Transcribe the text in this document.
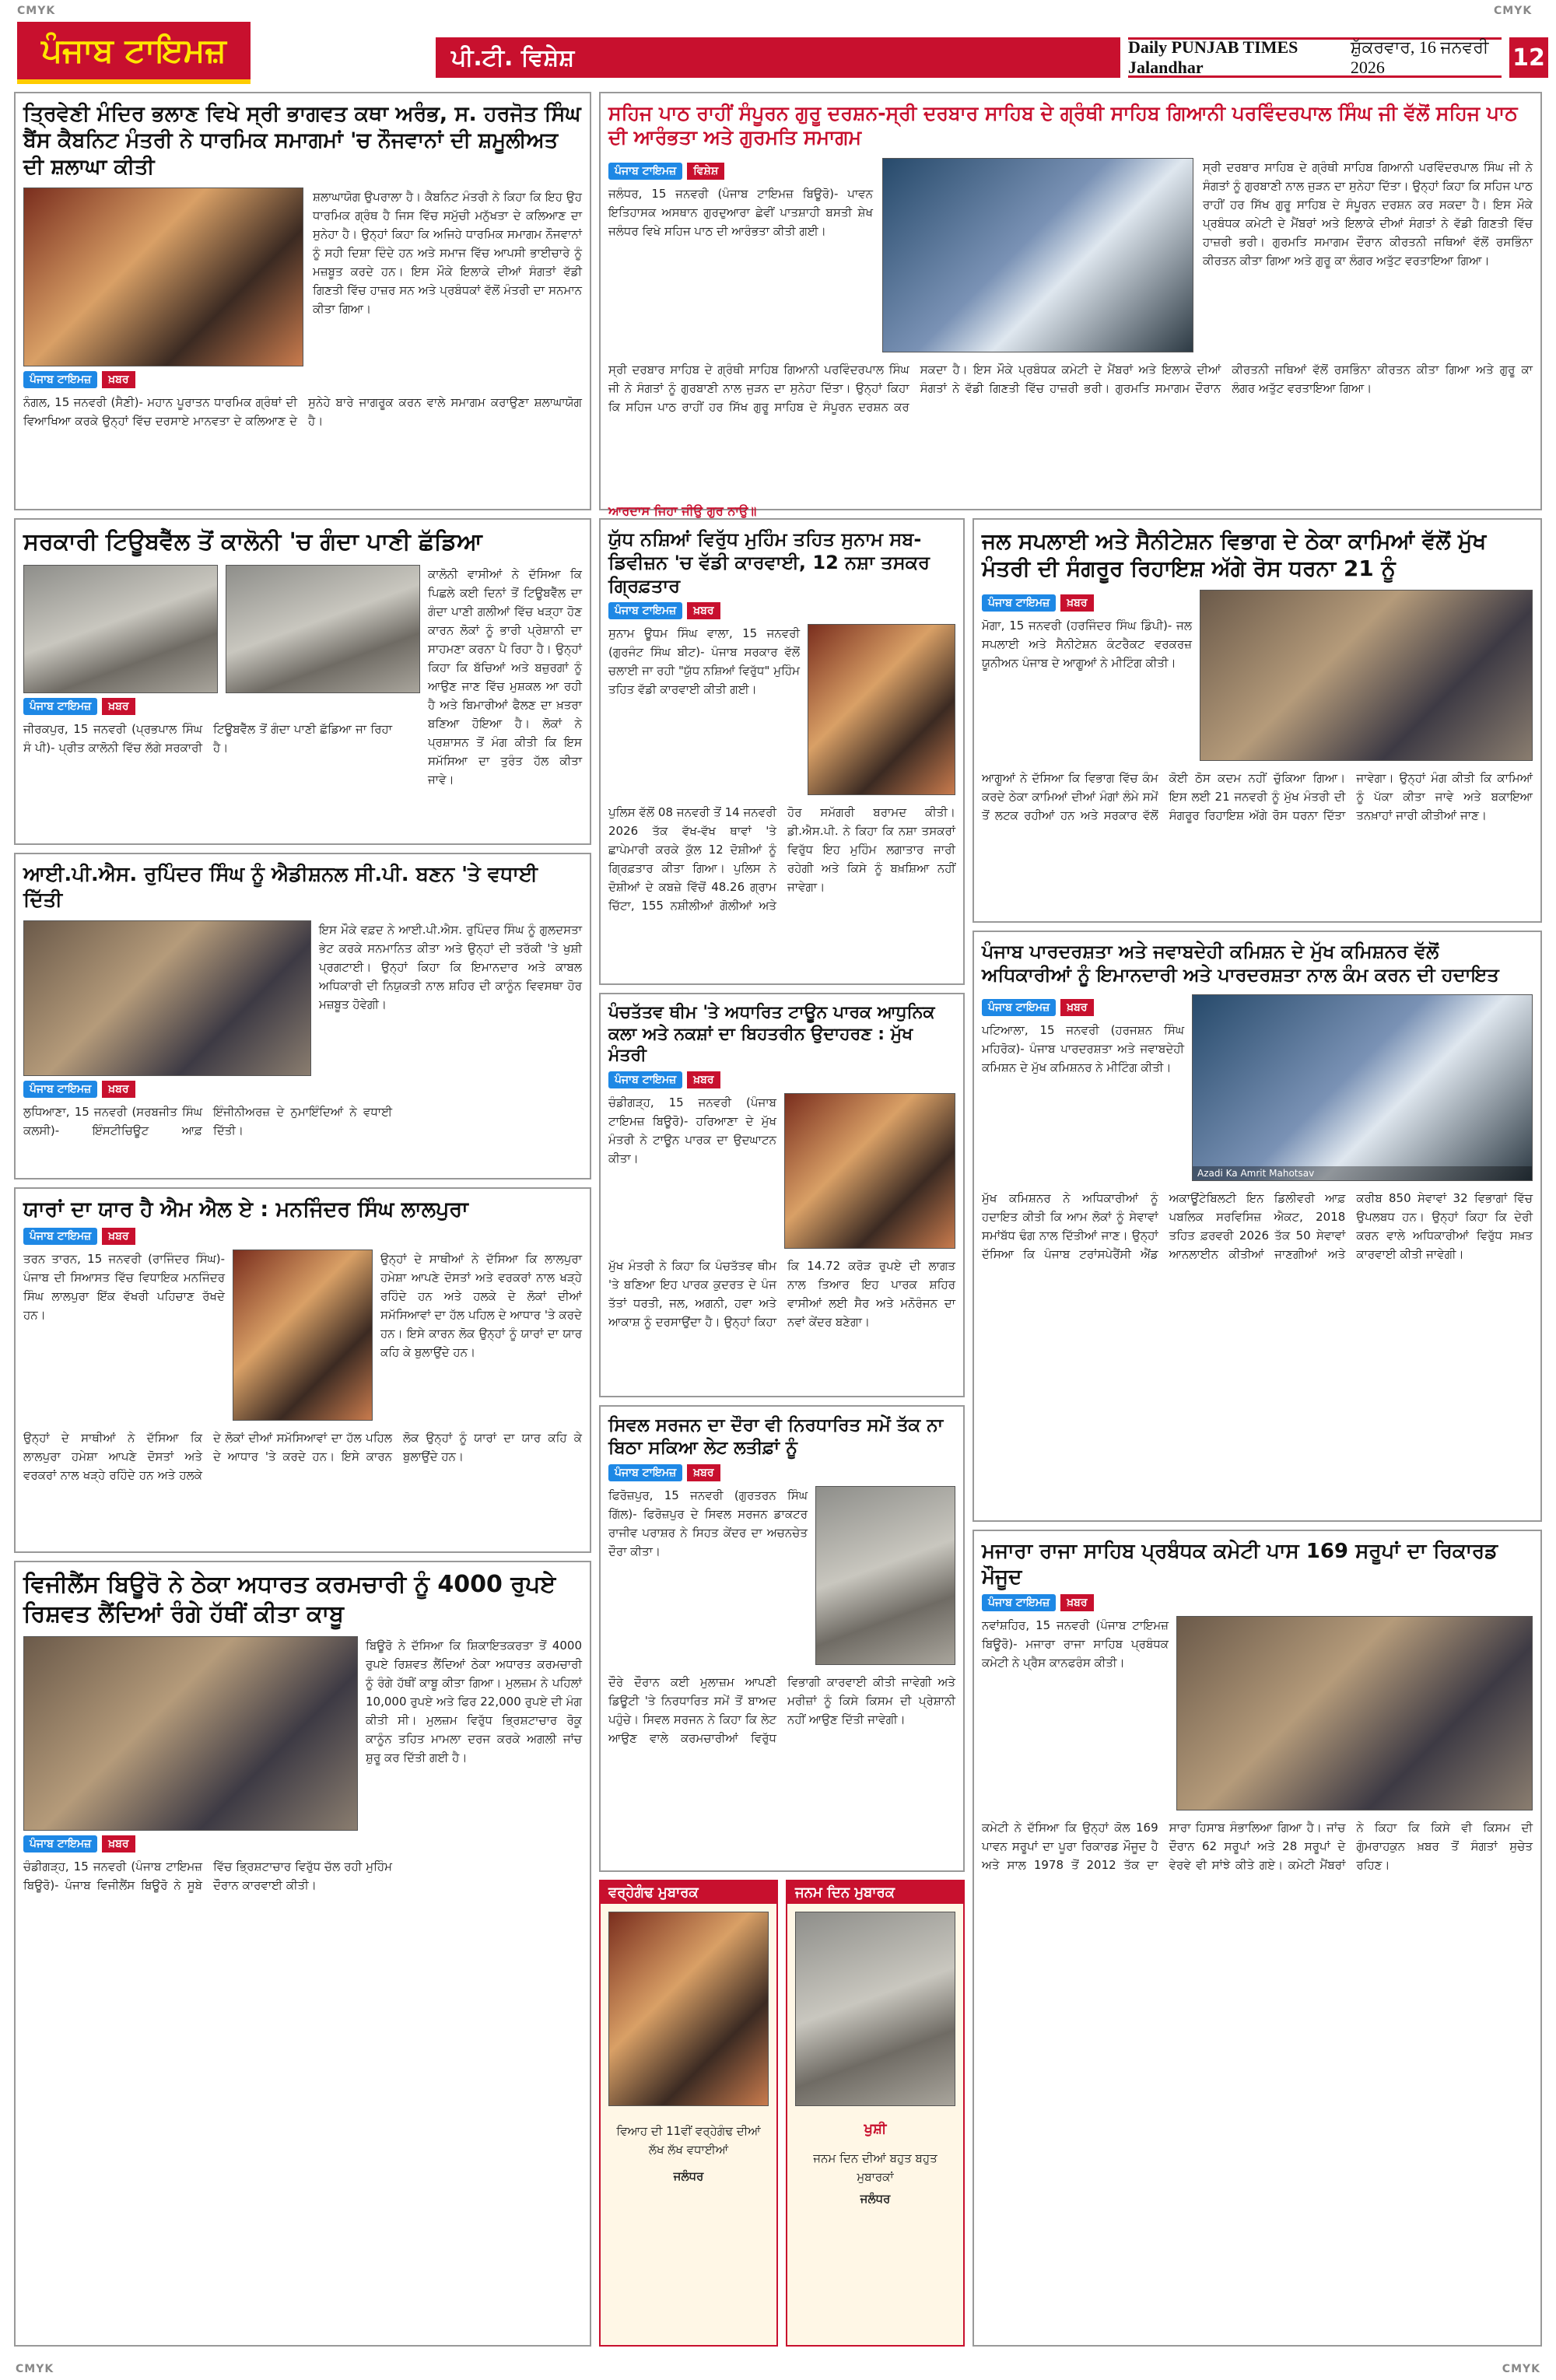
CMYK	CMYK
ਪੰਜਾਬ ਟਾਇਮਜ਼	ਪੀ.ਟੀ. ਵਿਸ਼ੇਸ਼	Daily PUNJAB TIMES Jalandhar
ਸ਼ੁੱਕਰਵਾਰ, 16 ਜਨਵਰੀ 2026	12
ਤ੍ਰਿਵੇਣੀ ਮੰਦਿਰ ਭਲਾਣ ਵਿਖੇ ਸ੍ਰੀ ਭਾਗਵਤ ਕਥਾ ਅਰੰਭ, ਸ. ਹਰਜੋਤ ਸਿੰਘ ਬੈਂਸ ਕੈਬਨਿਟ ਮੰਤਰੀ ਨੇ ਧਾਰਮਿਕ ਸਮਾਗਮਾਂ 'ਚ ਨੌਜਵਾਨਾਂ ਦੀ ਸ਼ਮੂਲੀਅਤ ਦੀ ਸ਼ਲਾਘਾ ਕੀਤੀ
ਸ਼ਲਾਘਾਯੋਗ ਉਪਰਾਲਾ ਹੈ। ਕੈਬਨਿਟ ਮੰਤਰੀ ਨੇ ਕਿਹਾ ਕਿ ਇਹ ਉਹ ਧਾਰਮਿਕ ਗ੍ਰੰਥ ਹੈ ਜਿਸ ਵਿੱਚ ਸਮੁੱਚੀ ਮਨੁੱਖਤਾ ਦੇ ਕਲਿਆਣ ਦਾ ਸੁਨੇਹਾ ਹੈ। ਉਨ੍ਹਾਂ ਕਿਹਾ ਕਿ ਅਜਿਹੇ ਧਾਰਮਿਕ ਸਮਾਗਮ ਨੌਜਵਾਨਾਂ ਨੂੰ ਸਹੀ ਦਿਸ਼ਾ ਦਿੰਦੇ ਹਨ ਅਤੇ ਸਮਾਜ ਵਿੱਚ ਆਪਸੀ ਭਾਈਚਾਰੇ ਨੂੰ ਮਜ਼ਬੂਤ ਕਰਦੇ ਹਨ। ਇਸ ਮੌਕੇ ਇਲਾਕੇ ਦੀਆਂ ਸੰਗਤਾਂ ਵੱਡੀ ਗਿਣਤੀ ਵਿੱਚ ਹਾਜ਼ਰ ਸਨ ਅਤੇ ਪ੍ਰਬੰਧਕਾਂ ਵੱਲੋਂ ਮੰਤਰੀ ਦਾ ਸਨਮਾਨ ਕੀਤਾ ਗਿਆ।
ਪੰਜਾਬ ਟਾਇਮਜ਼	ਖ਼ਬਰ
ਨੰਗਲ, 15 ਜਨਵਰੀ (ਸੈਣੀ)- ਮਹਾਨ ਪੂਰਾਤਨ ਧਾਰਮਿਕ ਗ੍ਰੰਥਾਂ ਦੀ ਵਿਆਖਿਆ ਕਰਕੇ ਉਨ੍ਹਾਂ ਵਿੱਚ ਦਰਸਾਏ ਮਾਨਵਤਾ ਦੇ ਕਲਿਆਣ ਦੇ ਸੁਨੇਹੇ ਬਾਰੇ ਜਾਗਰੂਕ ਕਰਨ ਵਾਲੇ ਸਮਾਗਮ ਕਰਾਉਣਾ ਸ਼ਲਾਘਾਯੋਗ ਹੈ।
ਸਹਿਜ ਪਾਠ ਰਾਹੀਂ ਸੰਪੂਰਨ ਗੁਰੂ ਦਰਸ਼ਨ-ਸ੍ਰੀ ਦਰਬਾਰ ਸਾਹਿਬ ਦੇ ਗ੍ਰੰਥੀ ਸਾਹਿਬ ਗਿਆਨੀ ਪਰਵਿੰਦਰਪਾਲ ਸਿੰਘ ਜੀ ਵੱਲੋਂ ਸਹਿਜ ਪਾਠ ਦੀ ਆਰੰਭਤਾ ਅਤੇ ਗੁਰਮਤਿ ਸਮਾਗਮ
ਪੰਜਾਬ ਟਾਇਮਜ਼	ਵਿਸ਼ੇਸ਼
ਜਲੰਧਰ, 15 ਜਨਵਰੀ (ਪੰਜਾਬ ਟਾਇਮਜ਼ ਬਿਊਰੋ)- ਪਾਵਨ ਇਤਿਹਾਸਕ ਅਸਥਾਨ ਗੁਰਦੁਆਰਾ ਛੇਵੀਂ ਪਾਤਸ਼ਾਹੀ ਬਸਤੀ ਸ਼ੇਖ ਜਲੰਧਰ ਵਿਖੇ ਸਹਿਜ ਪਾਠ ਦੀ ਆਰੰਭਤਾ ਕੀਤੀ ਗਈ।
ਸ੍ਰੀ ਦਰਬਾਰ ਸਾਹਿਬ ਦੇ ਗ੍ਰੰਥੀ ਸਾਹਿਬ ਗਿਆਨੀ ਪਰਵਿੰਦਰਪਾਲ ਸਿੰਘ ਜੀ ਨੇ ਸੰਗਤਾਂ ਨੂੰ ਗੁਰਬਾਣੀ ਨਾਲ ਜੁੜਨ ਦਾ ਸੁਨੇਹਾ ਦਿੱਤਾ। ਉਨ੍ਹਾਂ ਕਿਹਾ ਕਿ ਸਹਿਜ ਪਾਠ ਰਾਹੀਂ ਹਰ ਸਿੱਖ ਗੁਰੂ ਸਾਹਿਬ ਦੇ ਸੰਪੂਰਨ ਦਰਸ਼ਨ ਕਰ ਸਕਦਾ ਹੈ। ਇਸ ਮੌਕੇ ਪ੍ਰਬੰਧਕ ਕਮੇਟੀ ਦੇ ਮੈਂਬਰਾਂ ਅਤੇ ਇਲਾਕੇ ਦੀਆਂ ਸੰਗਤਾਂ ਨੇ ਵੱਡੀ ਗਿਣਤੀ ਵਿੱਚ ਹਾਜ਼ਰੀ ਭਰੀ। ਗੁਰਮਤਿ ਸਮਾਗਮ ਦੌਰਾਨ ਕੀਰਤਨੀ ਜਥਿਆਂ ਵੱਲੋਂ ਰਸਭਿੰਨਾ ਕੀਰਤਨ ਕੀਤਾ ਗਿਆ ਅਤੇ ਗੁਰੂ ਕਾ ਲੰਗਰ ਅਤੁੱਟ ਵਰਤਾਇਆ ਗਿਆ।
ਸ੍ਰੀ ਦਰਬਾਰ ਸਾਹਿਬ ਦੇ ਗ੍ਰੰਥੀ ਸਾਹਿਬ ਗਿਆਨੀ ਪਰਵਿੰਦਰਪਾਲ ਸਿੰਘ ਜੀ ਨੇ ਸੰਗਤਾਂ ਨੂੰ ਗੁਰਬਾਣੀ ਨਾਲ ਜੁੜਨ ਦਾ ਸੁਨੇਹਾ ਦਿੱਤਾ। ਉਨ੍ਹਾਂ ਕਿਹਾ ਕਿ ਸਹਿਜ ਪਾਠ ਰਾਹੀਂ ਹਰ ਸਿੱਖ ਗੁਰੂ ਸਾਹਿਬ ਦੇ ਸੰਪੂਰਨ ਦਰਸ਼ਨ ਕਰ ਸਕਦਾ ਹੈ। ਇਸ ਮੌਕੇ ਪ੍ਰਬੰਧਕ ਕਮੇਟੀ ਦੇ ਮੈਂਬਰਾਂ ਅਤੇ ਇਲਾਕੇ ਦੀਆਂ ਸੰਗਤਾਂ ਨੇ ਵੱਡੀ ਗਿਣਤੀ ਵਿੱਚ ਹਾਜ਼ਰੀ ਭਰੀ। ਗੁਰਮਤਿ ਸਮਾਗਮ ਦੌਰਾਨ ਕੀਰਤਨੀ ਜਥਿਆਂ ਵੱਲੋਂ ਰਸਭਿੰਨਾ ਕੀਰਤਨ ਕੀਤਾ ਗਿਆ ਅਤੇ ਗੁਰੂ ਕਾ ਲੰਗਰ ਅਤੁੱਟ ਵਰਤਾਇਆ ਗਿਆ।
ਆਰਦਾਸ ਜਿਹਾ ਜੀਉ ਗੁਰ ਨਾਉ॥
ਸਰਕਾਰੀ ਟਿਊਬਵੈੱਲ ਤੋਂ ਕਾਲੋਨੀ 'ਚ ਗੰਦਾ ਪਾਣੀ ਛੱਡਿਆ
ਕਾਲੋਨੀ ਵਾਸੀਆਂ ਨੇ ਦੱਸਿਆ ਕਿ ਪਿਛਲੇ ਕਈ ਦਿਨਾਂ ਤੋਂ ਟਿਊਬਵੈੱਲ ਦਾ ਗੰਦਾ ਪਾਣੀ ਗਲੀਆਂ ਵਿੱਚ ਖੜ੍ਹਾ ਹੋਣ ਕਾਰਨ ਲੋਕਾਂ ਨੂੰ ਭਾਰੀ ਪ੍ਰੇਸ਼ਾਨੀ ਦਾ ਸਾਹਮਣਾ ਕਰਨਾ ਪੈ ਰਿਹਾ ਹੈ। ਉਨ੍ਹਾਂ ਕਿਹਾ ਕਿ ਬੱਚਿਆਂ ਅਤੇ ਬਜ਼ੁਰਗਾਂ ਨੂੰ ਆਉਣ ਜਾਣ ਵਿੱਚ ਮੁਸ਼ਕਲ ਆ ਰਹੀ ਹੈ ਅਤੇ ਬਿਮਾਰੀਆਂ ਫੈਲਣ ਦਾ ਖ਼ਤਰਾ ਬਣਿਆ ਹੋਇਆ ਹੈ। ਲੋਕਾਂ ਨੇ ਪ੍ਰਸ਼ਾਸਨ ਤੋਂ ਮੰਗ ਕੀਤੀ ਕਿ ਇਸ ਸਮੱਸਿਆ ਦਾ ਤੁਰੰਤ ਹੱਲ ਕੀਤਾ ਜਾਵੇ।
ਪੰਜਾਬ ਟਾਇਮਜ਼	ਖ਼ਬਰ
ਜੀਰਕਪੁਰ, 15 ਜਨਵਰੀ (ਪ੍ਰਭਪਾਲ ਸਿੰਘ ਸੰ ਪੀ)- ਪ੍ਰੀਤ ਕਾਲੋਨੀ ਵਿੱਚ ਲੱਗੇ ਸਰਕਾਰੀ ਟਿਊਬਵੈੱਲ ਤੋਂ ਗੰਦਾ ਪਾਣੀ ਛੱਡਿਆ ਜਾ ਰਿਹਾ ਹੈ।
ਯੁੱਧ ਨਸ਼ਿਆਂ ਵਿਰੁੱਧ ਮੁਹਿੰਮ ਤਹਿਤ ਸੁਨਾਮ ਸਬ-ਡਿਵੀਜ਼ਨ 'ਚ ਵੱਡੀ ਕਾਰਵਾਈ, 12 ਨਸ਼ਾ ਤਸਕਰ ਗ੍ਰਿਫ਼ਤਾਰ
ਪੰਜਾਬ ਟਾਇਮਜ਼	ਖ਼ਬਰ
ਸੁਨਾਮ ਊਧਮ ਸਿੰਘ ਵਾਲਾ, 15 ਜਨਵਰੀ (ਗੁਰਜੰਟ ਸਿੰਘ ਬੀਟ)- ਪੰਜਾਬ ਸਰਕਾਰ ਵੱਲੋਂ ਚਲਾਈ ਜਾ ਰਹੀ "ਯੁੱਧ ਨਸ਼ਿਆਂ ਵਿਰੁੱਧ" ਮੁਹਿੰਮ ਤਹਿਤ ਵੱਡੀ ਕਾਰਵਾਈ ਕੀਤੀ ਗਈ।
ਪੁਲਿਸ ਵੱਲੋਂ 08 ਜਨਵਰੀ ਤੋਂ 14 ਜਨਵਰੀ 2026 ਤੱਕ ਵੱਖ-ਵੱਖ ਥਾਵਾਂ 'ਤੇ ਛਾਪੇਮਾਰੀ ਕਰਕੇ ਕੁੱਲ 12 ਦੋਸ਼ੀਆਂ ਨੂੰ ਗ੍ਰਿਫ਼ਤਾਰ ਕੀਤਾ ਗਿਆ। ਪੁਲਿਸ ਨੇ ਦੋਸ਼ੀਆਂ ਦੇ ਕਬਜ਼ੇ ਵਿੱਚੋਂ 48.26 ਗ੍ਰਾਮ ਚਿੱਟਾ, 155 ਨਸ਼ੀਲੀਆਂ ਗੋਲੀਆਂ ਅਤੇ ਹੋਰ ਸਮੱਗਰੀ ਬਰਾਮਦ ਕੀਤੀ। ਡੀ.ਐਸ.ਪੀ. ਨੇ ਕਿਹਾ ਕਿ ਨਸ਼ਾ ਤਸਕਰਾਂ ਵਿਰੁੱਧ ਇਹ ਮੁਹਿੰਮ ਲਗਾਤਾਰ ਜਾਰੀ ਰਹੇਗੀ ਅਤੇ ਕਿਸੇ ਨੂੰ ਬਖ਼ਸ਼ਿਆ ਨਹੀਂ ਜਾਵੇਗਾ।
ਜਲ ਸਪਲਾਈ ਅਤੇ ਸੈਨੀਟੇਸ਼ਨ ਵਿਭਾਗ ਦੇ ਠੇਕਾ ਕਾਮਿਆਂ ਵੱਲੋਂ ਮੁੱਖ ਮੰਤਰੀ ਦੀ ਸੰਗਰੂਰ ਰਿਹਾਇਸ਼ ਅੱਗੇ ਰੋਸ ਧਰਨਾ 21 ਨੂੰ
ਪੰਜਾਬ ਟਾਇਮਜ਼	ਖ਼ਬਰ
ਮੋਗਾ, 15 ਜਨਵਰੀ (ਹਰਜਿੰਦਰ ਸਿੰਘ ਡਿੰਪੀ)- ਜਲ ਸਪਲਾਈ ਅਤੇ ਸੈਨੀਟੇਸ਼ਨ ਕੰਟਰੈਕਟ ਵਰਕਰਜ਼ ਯੂਨੀਅਨ ਪੰਜਾਬ ਦੇ ਆਗੂਆਂ ਨੇ ਮੀਟਿੰਗ ਕੀਤੀ।
ਆਗੂਆਂ ਨੇ ਦੱਸਿਆ ਕਿ ਵਿਭਾਗ ਵਿੱਚ ਕੰਮ ਕਰਦੇ ਠੇਕਾ ਕਾਮਿਆਂ ਦੀਆਂ ਮੰਗਾਂ ਲੰਮੇ ਸਮੇਂ ਤੋਂ ਲਟਕ ਰਹੀਆਂ ਹਨ ਅਤੇ ਸਰਕਾਰ ਵੱਲੋਂ ਕੋਈ ਠੋਸ ਕਦਮ ਨਹੀਂ ਚੁੱਕਿਆ ਗਿਆ। ਇਸ ਲਈ 21 ਜਨਵਰੀ ਨੂੰ ਮੁੱਖ ਮੰਤਰੀ ਦੀ ਸੰਗਰੂਰ ਰਿਹਾਇਸ਼ ਅੱਗੇ ਰੋਸ ਧਰਨਾ ਦਿੱਤਾ ਜਾਵੇਗਾ। ਉਨ੍ਹਾਂ ਮੰਗ ਕੀਤੀ ਕਿ ਕਾਮਿਆਂ ਨੂੰ ਪੱਕਾ ਕੀਤਾ ਜਾਵੇ ਅਤੇ ਬਕਾਇਆ ਤਨਖ਼ਾਹਾਂ ਜਾਰੀ ਕੀਤੀਆਂ ਜਾਣ।
ਆਈ.ਪੀ.ਐਸ. ਰੁਪਿੰਦਰ ਸਿੰਘ ਨੂੰ ਐਡੀਸ਼ਨਲ ਸੀ.ਪੀ. ਬਣਨ 'ਤੇ ਵਧਾਈ ਦਿੱਤੀ
ਇਸ ਮੌਕੇ ਵਫ਼ਦ ਨੇ ਆਈ.ਪੀ.ਐਸ. ਰੁਪਿੰਦਰ ਸਿੰਘ ਨੂੰ ਗੁਲਦਸਤਾ ਭੇਟ ਕਰਕੇ ਸਨਮਾਨਿਤ ਕੀਤਾ ਅਤੇ ਉਨ੍ਹਾਂ ਦੀ ਤਰੱਕੀ 'ਤੇ ਖੁਸ਼ੀ ਪ੍ਰਗਟਾਈ। ਉਨ੍ਹਾਂ ਕਿਹਾ ਕਿ ਇਮਾਨਦਾਰ ਅਤੇ ਕਾਬਲ ਅਧਿਕਾਰੀ ਦੀ ਨਿਯੁਕਤੀ ਨਾਲ ਸ਼ਹਿਰ ਦੀ ਕਾਨੂੰਨ ਵਿਵਸਥਾ ਹੋਰ ਮਜ਼ਬੂਤ ਹੋਵੇਗੀ।
ਪੰਜਾਬ ਟਾਇਮਜ਼	ਖ਼ਬਰ
ਲੁਧਿਆਣਾ, 15 ਜਨਵਰੀ (ਸਰਬਜੀਤ ਸਿੰਘ ਕਲਸੀ)- ਇੰਸਟੀਚਿਊਟ ਆਫ਼ ਇੰਜੀਨੀਅਰਜ਼ ਦੇ ਨੁਮਾਇੰਦਿਆਂ ਨੇ ਵਧਾਈ ਦਿੱਤੀ।
ਪੰਚਤੱਤਵ ਥੀਮ 'ਤੇ ਅਧਾਰਿਤ ਟਾਊਨ ਪਾਰਕ ਆਧੁਨਿਕ ਕਲਾ ਅਤੇ ਨਕਸ਼ਾਂ ਦਾ ਬਿਹਤਰੀਨ ਉਦਾਹਰਣ : ਮੁੱਖ ਮੰਤਰੀ
ਪੰਜਾਬ ਟਾਇਮਜ਼	ਖ਼ਬਰ
ਚੰਡੀਗੜ੍ਹ, 15 ਜਨਵਰੀ (ਪੰਜਾਬ ਟਾਇਮਜ਼ ਬਿਊਰੋ)- ਹਰਿਆਣਾ ਦੇ ਮੁੱਖ ਮੰਤਰੀ ਨੇ ਟਾਊਨ ਪਾਰਕ ਦਾ ਉਦਘਾਟਨ ਕੀਤਾ।
ਮੁੱਖ ਮੰਤਰੀ ਨੇ ਕਿਹਾ ਕਿ ਪੰਚਤੱਤਵ ਥੀਮ 'ਤੇ ਬਣਿਆ ਇਹ ਪਾਰਕ ਕੁਦਰਤ ਦੇ ਪੰਜ ਤੱਤਾਂ ਧਰਤੀ, ਜਲ, ਅਗਨੀ, ਹਵਾ ਅਤੇ ਆਕਾਸ਼ ਨੂੰ ਦਰਸਾਉਂਦਾ ਹੈ। ਉਨ੍ਹਾਂ ਕਿਹਾ ਕਿ 14.72 ਕਰੋੜ ਰੁਪਏ ਦੀ ਲਾਗਤ ਨਾਲ ਤਿਆਰ ਇਹ ਪਾਰਕ ਸ਼ਹਿਰ ਵਾਸੀਆਂ ਲਈ ਸੈਰ ਅਤੇ ਮਨੋਰੰਜਨ ਦਾ ਨਵਾਂ ਕੇਂਦਰ ਬਣੇਗਾ।
ਪੰਜਾਬ ਪਾਰਦਰਸ਼ਤਾ ਅਤੇ ਜਵਾਬਦੇਹੀ ਕਮਿਸ਼ਨ ਦੇ ਮੁੱਖ ਕਮਿਸ਼ਨਰ ਵੱਲੋਂ ਅਧਿਕਾਰੀਆਂ ਨੂੰ ਇਮਾਨਦਾਰੀ ਅਤੇ ਪਾਰਦਰਸ਼ਤਾ ਨਾਲ ਕੰਮ ਕਰਨ ਦੀ ਹਦਾਇਤ
ਪੰਜਾਬ ਟਾਇਮਜ਼	ਖ਼ਬਰ
ਪਟਿਆਲਾ, 15 ਜਨਵਰੀ (ਹਰਜਸ਼ਨ ਸਿੰਘ ਮਹਿਰੋਕ)- ਪੰਜਾਬ ਪਾਰਦਰਸ਼ਤਾ ਅਤੇ ਜਵਾਬਦੇਹੀ ਕਮਿਸ਼ਨ ਦੇ ਮੁੱਖ ਕਮਿਸ਼ਨਰ ਨੇ ਮੀਟਿੰਗ ਕੀਤੀ।
Azadi Ka Amrit Mahotsav
ਮੁੱਖ ਕਮਿਸ਼ਨਰ ਨੇ ਅਧਿਕਾਰੀਆਂ ਨੂੰ ਹਦਾਇਤ ਕੀਤੀ ਕਿ ਆਮ ਲੋਕਾਂ ਨੂੰ ਸੇਵਾਵਾਂ ਸਮਾਂਬੱਧ ਢੰਗ ਨਾਲ ਦਿੱਤੀਆਂ ਜਾਣ। ਉਨ੍ਹਾਂ ਦੱਸਿਆ ਕਿ ਪੰਜਾਬ ਟਰਾਂਸਪੇਰੈਂਸੀ ਐਂਡ ਅਕਾਊਂਟੇਬਿਲਟੀ ਇਨ ਡਿਲੀਵਰੀ ਆਫ਼ ਪਬਲਿਕ ਸਰਵਿਸਿਜ਼ ਐਕਟ, 2018 ਤਹਿਤ ਫ਼ਰਵਰੀ 2026 ਤੱਕ 50 ਸੇਵਾਵਾਂ ਆਨਲਾਈਨ ਕੀਤੀਆਂ ਜਾਣਗੀਆਂ ਅਤੇ ਕਰੀਬ 850 ਸੇਵਾਵਾਂ 32 ਵਿਭਾਗਾਂ ਵਿੱਚ ਉਪਲਬਧ ਹਨ। ਉਨ੍ਹਾਂ ਕਿਹਾ ਕਿ ਦੇਰੀ ਕਰਨ ਵਾਲੇ ਅਧਿਕਾਰੀਆਂ ਵਿਰੁੱਧ ਸਖ਼ਤ ਕਾਰਵਾਈ ਕੀਤੀ ਜਾਵੇਗੀ।
ਯਾਰਾਂ ਦਾ ਯਾਰ ਹੈ ਐਮ ਐਲ ਏ : ਮਨਜਿੰਦਰ ਸਿੰਘ ਲਾਲਪੁਰਾ
ਪੰਜਾਬ ਟਾਇਮਜ਼	ਖ਼ਬਰ
ਤਰਨ ਤਾਰਨ, 15 ਜਨਵਰੀ (ਰਾਜਿੰਦਰ ਸਿੰਘ)- ਪੰਜਾਬ ਦੀ ਸਿਆਸਤ ਵਿੱਚ ਵਿਧਾਇਕ ਮਨਜਿੰਦਰ ਸਿੰਘ ਲਾਲਪੁਰਾ ਇੱਕ ਵੱਖਰੀ ਪਹਿਚਾਣ ਰੱਖਦੇ ਹਨ।
ਉਨ੍ਹਾਂ ਦੇ ਸਾਥੀਆਂ ਨੇ ਦੱਸਿਆ ਕਿ ਲਾਲਪੁਰਾ ਹਮੇਸ਼ਾ ਆਪਣੇ ਦੋਸਤਾਂ ਅਤੇ ਵਰਕਰਾਂ ਨਾਲ ਖੜ੍ਹੇ ਰਹਿੰਦੇ ਹਨ ਅਤੇ ਹਲਕੇ ਦੇ ਲੋਕਾਂ ਦੀਆਂ ਸਮੱਸਿਆਵਾਂ ਦਾ ਹੱਲ ਪਹਿਲ ਦੇ ਆਧਾਰ 'ਤੇ ਕਰਦੇ ਹਨ। ਇਸੇ ਕਾਰਨ ਲੋਕ ਉਨ੍ਹਾਂ ਨੂੰ ਯਾਰਾਂ ਦਾ ਯਾਰ ਕਹਿ ਕੇ ਬੁਲਾਉਂਦੇ ਹਨ।
ਉਨ੍ਹਾਂ ਦੇ ਸਾਥੀਆਂ ਨੇ ਦੱਸਿਆ ਕਿ ਲਾਲਪੁਰਾ ਹਮੇਸ਼ਾ ਆਪਣੇ ਦੋਸਤਾਂ ਅਤੇ ਵਰਕਰਾਂ ਨਾਲ ਖੜ੍ਹੇ ਰਹਿੰਦੇ ਹਨ ਅਤੇ ਹਲਕੇ ਦੇ ਲੋਕਾਂ ਦੀਆਂ ਸਮੱਸਿਆਵਾਂ ਦਾ ਹੱਲ ਪਹਿਲ ਦੇ ਆਧਾਰ 'ਤੇ ਕਰਦੇ ਹਨ। ਇਸੇ ਕਾਰਨ ਲੋਕ ਉਨ੍ਹਾਂ ਨੂੰ ਯਾਰਾਂ ਦਾ ਯਾਰ ਕਹਿ ਕੇ ਬੁਲਾਉਂਦੇ ਹਨ।
ਸਿਵਲ ਸਰਜਨ ਦਾ ਦੌਰਾ ਵੀ ਨਿਰਧਾਰਿਤ ਸਮੇਂ ਤੱਕ ਨਾ ਬਿਠਾ ਸਕਿਆ ਲੇਟ ਲਤੀਫ਼ਾਂ ਨੂੰ
ਪੰਜਾਬ ਟਾਇਮਜ਼	ਖ਼ਬਰ
ਫਿਰੋਜ਼ਪੁਰ, 15 ਜਨਵਰੀ (ਗੁਰਤਰਨ ਸਿੰਘ ਗਿੱਲ)- ਫਿਰੋਜ਼ਪੁਰ ਦੇ ਸਿਵਲ ਸਰਜਨ ਡਾਕਟਰ ਰਾਜੀਵ ਪਰਾਸ਼ਰ ਨੇ ਸਿਹਤ ਕੇਂਦਰ ਦਾ ਅਚਨਚੇਤ ਦੌਰਾ ਕੀਤਾ।
ਦੌਰੇ ਦੌਰਾਨ ਕਈ ਮੁਲਾਜ਼ਮ ਆਪਣੀ ਡਿਊਟੀ 'ਤੇ ਨਿਰਧਾਰਿਤ ਸਮੇਂ ਤੋਂ ਬਾਅਦ ਪਹੁੰਚੇ। ਸਿਵਲ ਸਰਜਨ ਨੇ ਕਿਹਾ ਕਿ ਲੇਟ ਆਉਣ ਵਾਲੇ ਕਰਮਚਾਰੀਆਂ ਵਿਰੁੱਧ ਵਿਭਾਗੀ ਕਾਰਵਾਈ ਕੀਤੀ ਜਾਵੇਗੀ ਅਤੇ ਮਰੀਜ਼ਾਂ ਨੂੰ ਕਿਸੇ ਕਿਸਮ ਦੀ ਪ੍ਰੇਸ਼ਾਨੀ ਨਹੀਂ ਆਉਣ ਦਿੱਤੀ ਜਾਵੇਗੀ।
ਵਿਜੀਲੈਂਸ ਬਿਊਰੋ ਨੇ ਠੇਕਾ ਅਧਾਰਤ ਕਰਮਚਾਰੀ ਨੂੰ 4000 ਰੁਪਏ ਰਿਸ਼ਵਤ ਲੈਂਦਿਆਂ ਰੰਗੇ ਹੱਥੀਂ ਕੀਤਾ ਕਾਬੂ
ਬਿਊਰੋ ਨੇ ਦੱਸਿਆ ਕਿ ਸ਼ਿਕਾਇਤਕਰਤਾ ਤੋਂ 4000 ਰੁਪਏ ਰਿਸ਼ਵਤ ਲੈਂਦਿਆਂ ਠੇਕਾ ਅਧਾਰਤ ਕਰਮਚਾਰੀ ਨੂੰ ਰੰਗੇ ਹੱਥੀਂ ਕਾਬੂ ਕੀਤਾ ਗਿਆ। ਮੁਲਜ਼ਮ ਨੇ ਪਹਿਲਾਂ 10,000 ਰੁਪਏ ਅਤੇ ਫਿਰ 22,000 ਰੁਪਏ ਦੀ ਮੰਗ ਕੀਤੀ ਸੀ। ਮੁਲਜ਼ਮ ਵਿਰੁੱਧ ਭ੍ਰਿਸ਼ਟਾਚਾਰ ਰੋਕੂ ਕਾਨੂੰਨ ਤਹਿਤ ਮਾਮਲਾ ਦਰਜ ਕਰਕੇ ਅਗਲੀ ਜਾਂਚ ਸ਼ੁਰੂ ਕਰ ਦਿੱਤੀ ਗਈ ਹੈ।
ਪੰਜਾਬ ਟਾਇਮਜ਼	ਖ਼ਬਰ
ਚੰਡੀਗੜ੍ਹ, 15 ਜਨਵਰੀ (ਪੰਜਾਬ ਟਾਇਮਜ਼ ਬਿਊਰੋ)- ਪੰਜਾਬ ਵਿਜੀਲੈਂਸ ਬਿਊਰੋ ਨੇ ਸੂਬੇ ਵਿੱਚ ਭ੍ਰਿਸ਼ਟਾਚਾਰ ਵਿਰੁੱਧ ਚੱਲ ਰਹੀ ਮੁਹਿੰਮ ਦੌਰਾਨ ਕਾਰਵਾਈ ਕੀਤੀ।	ਵਰ੍ਹੇਗੰਢ ਮੁਬਾਰਕ
ਵਿਆਹ ਦੀ 11ਵੀਂ ਵਰ੍ਹੇਗੰਢ ਦੀਆਂ ਲੱਖ ਲੱਖ ਵਧਾਈਆਂ
ਜਲੰਧਰ
ਜਨਮ ਦਿਨ ਮੁਬਾਰਕ
ਖੁਸ਼ੀ
ਜਨਮ ਦਿਨ ਦੀਆਂ ਬਹੁਤ ਬਹੁਤ ਮੁਬਾਰਕਾਂ
ਜਲੰਧਰ
ਮਜਾਰਾ ਰਾਜਾ ਸਾਹਿਬ ਪ੍ਰਬੰਧਕ ਕਮੇਟੀ ਪਾਸ 169 ਸਰੂਪਾਂ ਦਾ ਰਿਕਾਰਡ ਮੌਜੂਦ
ਪੰਜਾਬ ਟਾਇਮਜ਼	ਖ਼ਬਰ
ਨਵਾਂਸ਼ਹਿਰ, 15 ਜਨਵਰੀ (ਪੰਜਾਬ ਟਾਇਮਜ਼ ਬਿਊਰੋ)- ਮਜਾਰਾ ਰਾਜਾ ਸਾਹਿਬ ਪ੍ਰਬੰਧਕ ਕਮੇਟੀ ਨੇ ਪ੍ਰੈਸ ਕਾਨਫਰੰਸ ਕੀਤੀ।
ਕਮੇਟੀ ਨੇ ਦੱਸਿਆ ਕਿ ਉਨ੍ਹਾਂ ਕੋਲ 169 ਪਾਵਨ ਸਰੂਪਾਂ ਦਾ ਪੂਰਾ ਰਿਕਾਰਡ ਮੌਜੂਦ ਹੈ ਅਤੇ ਸਾਲ 1978 ਤੋਂ 2012 ਤੱਕ ਦਾ ਸਾਰਾ ਹਿਸਾਬ ਸੰਭਾਲਿਆ ਗਿਆ ਹੈ। ਜਾਂਚ ਦੌਰਾਨ 62 ਸਰੂਪਾਂ ਅਤੇ 28 ਸਰੂਪਾਂ ਦੇ ਵੇਰਵੇ ਵੀ ਸਾਂਝੇ ਕੀਤੇ ਗਏ। ਕਮੇਟੀ ਮੈਂਬਰਾਂ ਨੇ ਕਿਹਾ ਕਿ ਕਿਸੇ ਵੀ ਕਿਸਮ ਦੀ ਗੁੰਮਰਾਹਕੁਨ ਖ਼ਬਰ ਤੋਂ ਸੰਗਤਾਂ ਸੁਚੇਤ ਰਹਿਣ।
CMYK	CMYK
